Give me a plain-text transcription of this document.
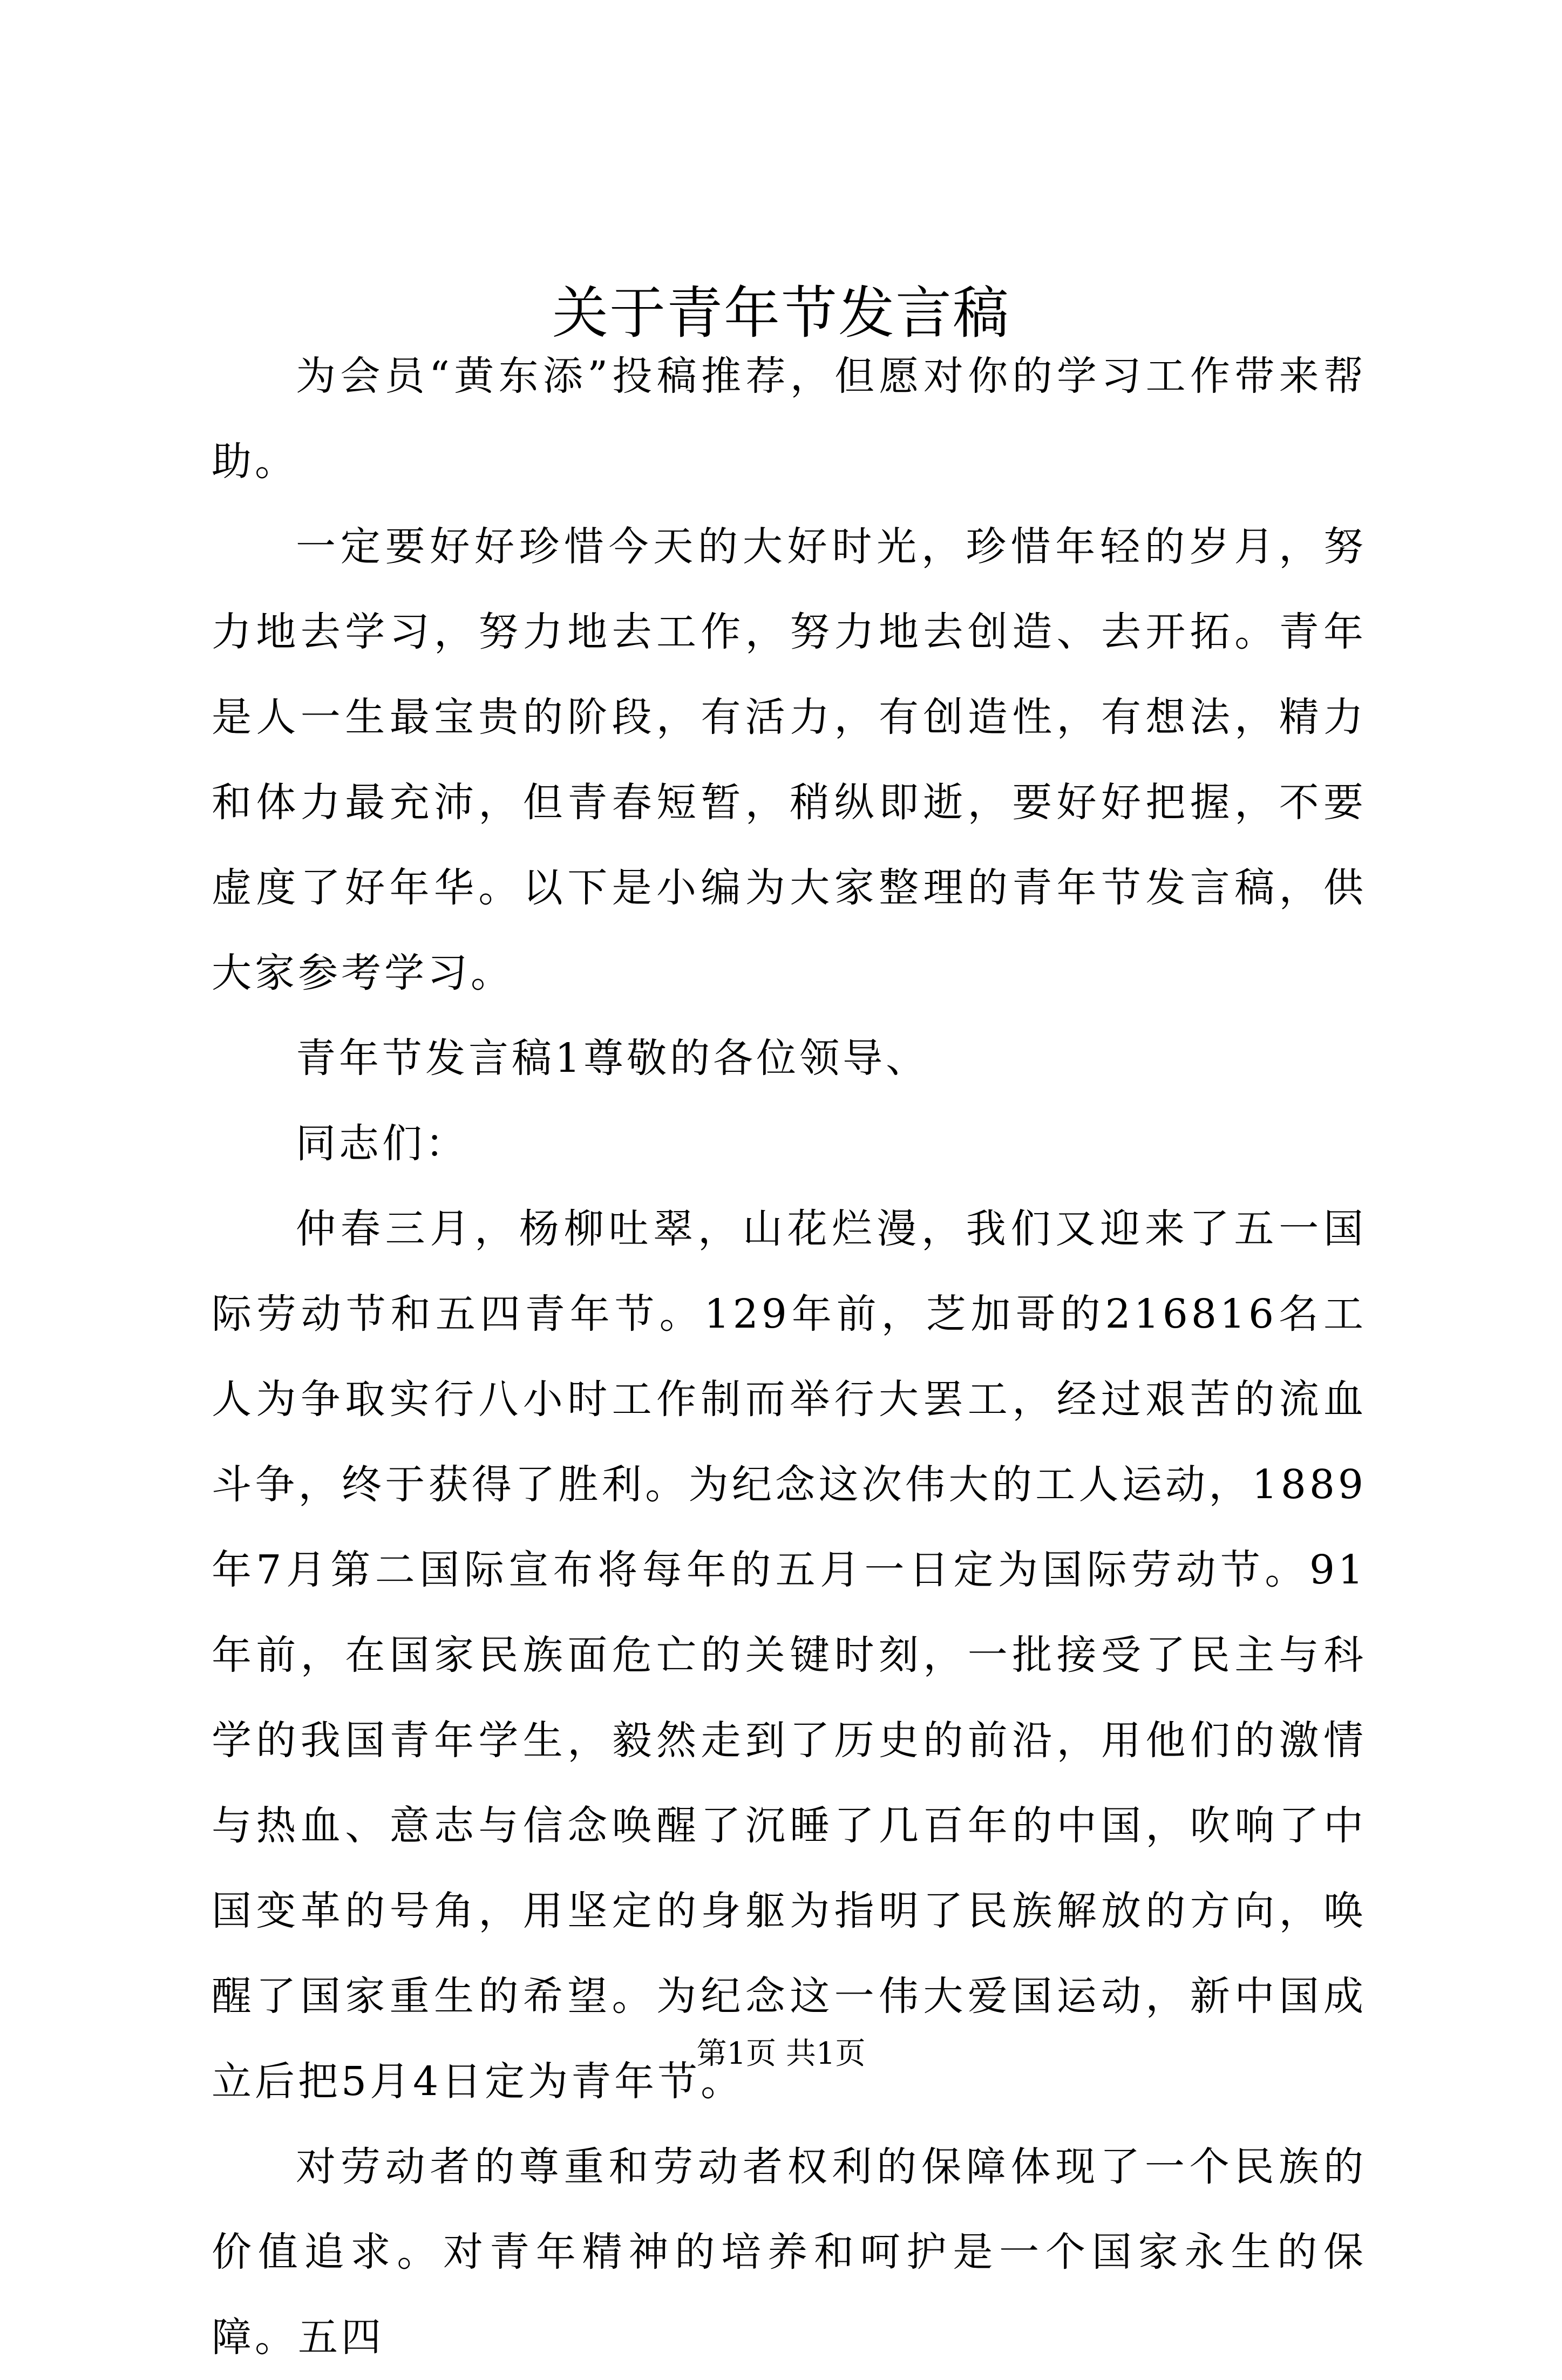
关于青年节发言稿

为会员“黄东添”投稿推荐，但愿对你的学习工作带来帮助。

一定要好好珍惜今天的大好时光，珍惜年轻的岁月，努力地去学习，努力地去工作，努力地去创造、去开拓。青年是人一生最宝贵的阶段，有活力，有创造性，有想法，精力和体力最充沛，但青春短暂，稍纵即逝，要好好把握，不要虚度了好年华。以下是小编为大家整理的青年节发言稿，供大家参考学习。

青年节发言稿1尊敬的各位领导、

同志们：

仲春三月，杨柳吐翠，山花烂漫，我们又迎来了五一国际劳动节和五四青年节。129年前，芝加哥的216816名工人为争取实行八小时工作制而举行大罢工，经过艰苦的流血斗争，终于获得了胜利。为纪念这次伟大的工人运动，1889年7月第二国际宣布将每年的五月一日定为国际劳动节。91年前，在国家民族面危亡的关键时刻，一批接受了民主与科学的我国青年学生，毅然走到了历史的前沿，用他们的激情与热血、意志与信念唤醒了沉睡了几百年的中国，吹响了中国变革的号角，用坚定的身躯为指明了民族解放的方向，唤醒了国家重生的希望。为纪念这一伟大爱国运动，新中国成立后把5月4日定为青年节。

对劳动者的尊重和劳动者权利的保障体现了一个民族的价值追求。对青年精神的培养和呵护是一个国家永生的保障。五四

第1页 共1页
